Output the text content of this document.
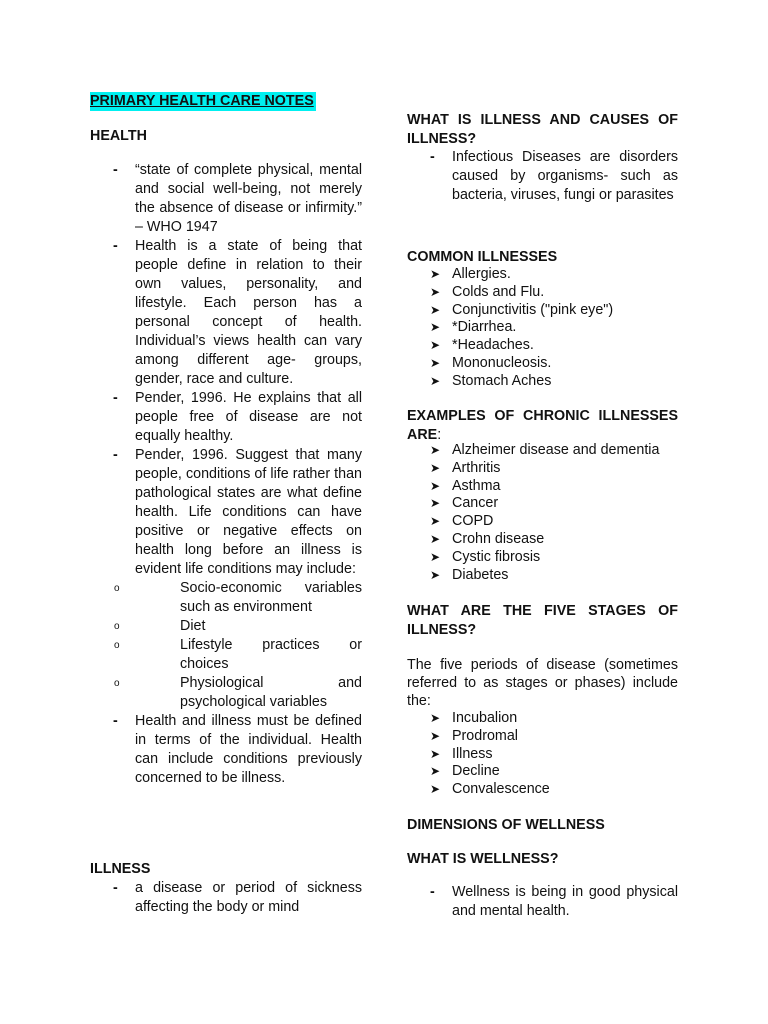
PRIMARY HEALTH CARE NOTES
HEALTH
- “state of complete physical, mental and social well-being, not merely the absence of disease or infirmity.” – WHO 1947
- Health is a state of being that people define in relation to their own values, personality, and lifestyle. Each person has a personal concept of health. Individual’s views health can vary among different age- groups, gender, race and culture.
- Pender, 1996. He explains that all people free of disease are not equally healthy.
- Pender, 1996. Suggest that many people, conditions of life rather than pathological states are what define health. Life conditions can have positive or negative effects on health long before an illness is evident life conditions may include:
o Socio-economic variables such as environment
o Diet
o Lifestyle practices or choices
o Physiological and psychological variables
- Health and illness must be defined in terms of the individual. Health can include conditions previously concerned to be illness.
ILLNESS
- a disease or period of sickness affecting the body or mind
WHAT IS ILLNESS AND CAUSES OF ILLNESS?
- Infectious Diseases are disorders caused by organisms- such as bacteria, viruses, fungi or parasites
COMMON ILLNESSES
➤ Allergies.
➤ Colds and Flu.
➤ Conjunctivitis ("pink eye")
➤ *Diarrhea.
➤ *Headaches.
➤ Mononucleosis.
➤ Stomach Aches
EXAMPLES OF CHRONIC ILLNESSES ARE:
➤ Alzheimer disease and dementia
➤ Arthritis
➤ Asthma
➤ Cancer
➤ COPD
➤ Crohn disease
➤ Cystic fibrosis
➤ Diabetes
WHAT ARE THE FIVE STAGES OF ILLNESS?
The five periods of disease (sometimes referred to as stages or phases) include the:
➤ Incubalion
➤ Prodromal
➤ Illness
➤ Decline
➤ Convalescence
DIMENSIONS OF WELLNESS
WHAT IS WELLNESS?
- Wellness is being in good physical and mental health.
